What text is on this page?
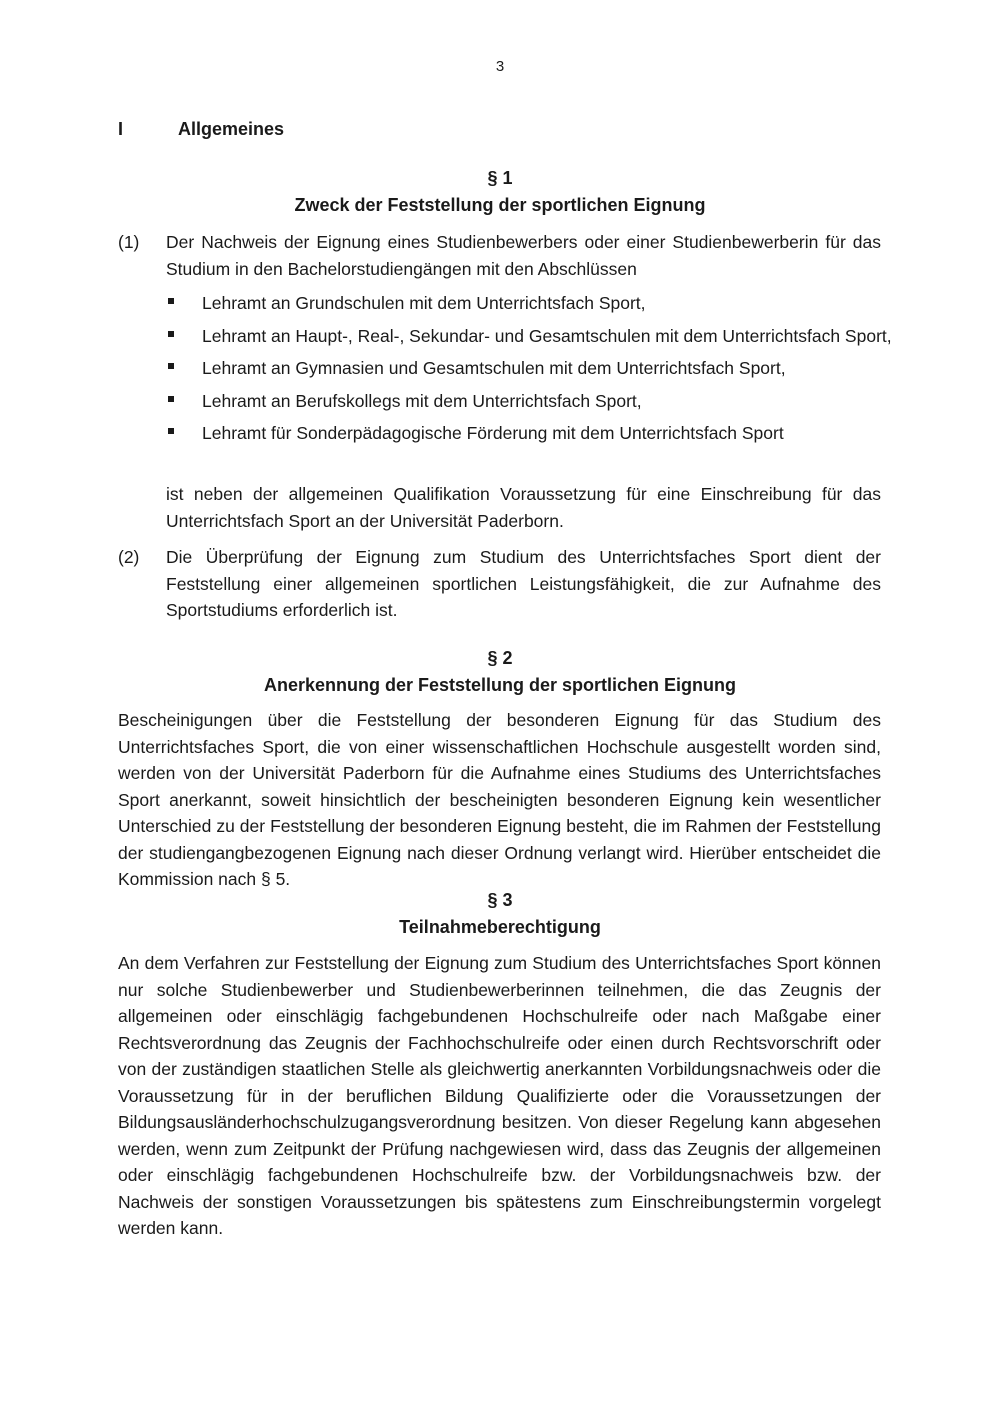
3
I	Allgemeines
§ 1
Zweck der Feststellung der sportlichen Eignung
(1) Der Nachweis der Eignung eines Studienbewerbers oder einer Studienbewerberin für das Studium in den Bachelorstudiengängen mit den Abschlüssen
Lehramt an Grundschulen mit dem Unterrichtsfach Sport,
Lehramt an Haupt-, Real-, Sekundar- und Gesamtschulen mit dem Unterrichtsfach Sport,
Lehramt an Gymnasien und Gesamtschulen mit dem Unterrichtsfach Sport,
Lehramt an Berufskollegs mit dem Unterrichtsfach Sport,
Lehramt für Sonderpädagogische Förderung mit dem Unterrichtsfach Sport
ist neben der allgemeinen Qualifikation Voraussetzung für eine Einschreibung für das Unterrichtsfach Sport an der Universität Paderborn.
(2) Die Überprüfung der Eignung zum Studium des Unterrichtsfaches Sport dient der Feststellung einer allgemeinen sportlichen Leistungsfähigkeit, die zur Aufnahme des Sportstudiums erforderlich ist.
§ 2
Anerkennung der Feststellung der sportlichen Eignung
Bescheinigungen über die Feststellung der besonderen Eignung für das Studium des Unterrichtsfaches Sport, die von einer wissenschaftlichen Hochschule ausgestellt worden sind, werden von der Universität Paderborn für die Aufnahme eines Studiums des Unterrichtsfaches Sport anerkannt, soweit hinsichtlich der bescheinigten besonderen Eignung kein wesentlicher Unterschied zu der Feststellung der besonderen Eignung besteht, die im Rahmen der Feststellung der studiengangbezogenen Eignung nach dieser Ordnung verlangt wird. Hierüber entscheidet die Kommission nach § 5.
§ 3
Teilnahmeberechtigung
An dem Verfahren zur Feststellung der Eignung zum Studium des Unterrichtsfaches Sport können nur solche Studienbewerber und Studienbewerberinnen teilnehmen, die das Zeugnis der allgemeinen oder einschlägig fachgebundenen Hochschulreife oder nach Maßgabe einer Rechtsverordnung das Zeugnis der Fachhochschulreife oder einen durch Rechtsvorschrift oder von der zuständigen staatlichen Stelle als gleichwertig anerkannten Vorbildungsnachweis oder die Voraussetzung für in der beruflichen Bildung Qualifizierte oder die Voraussetzungen der Bildungsausländerhochschulzugangsverordnung besitzen. Von dieser Regelung kann abgesehen werden, wenn zum Zeitpunkt der Prüfung nachgewiesen wird, dass das Zeugnis der allgemeinen oder einschlägig fachgebundenen Hochschulreife bzw. der Vorbildungsnachweis bzw. der Nachweis der sonstigen Voraussetzungen bis spätestens zum Einschreibungstermin vorgelegt werden kann.
